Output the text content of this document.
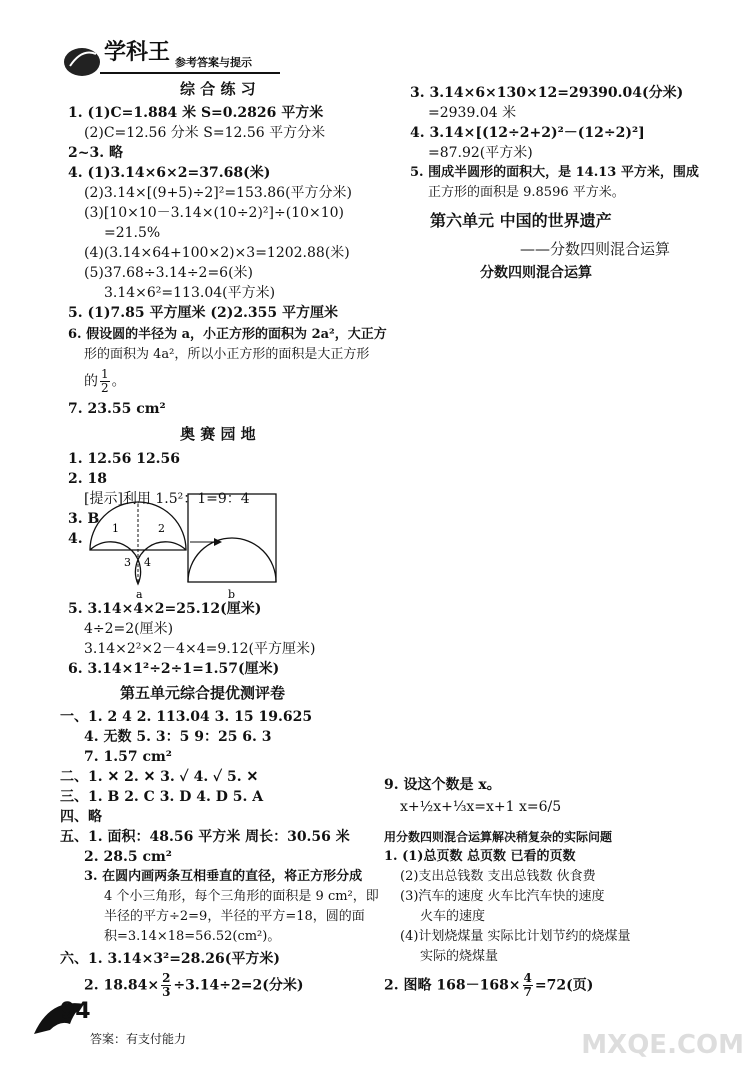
学科王 参考答案与提示
综 合 练 习
1. (1)C=1.884 米 S=0.2826 平方米
(2)C=12.56 分米 S=12.56 平方分米
2~3. 略
4. (1)3.14×6×2=37.68(米)
(2)3.14×[(9+5)÷2]²=153.86(平方分米)
(3)[10×10－3.14×(10÷2)²]÷(10×10)
=21.5%
(4)(3.14×64+100×2)×3=1202.88(米)
(5)37.68÷3.14÷2=6(米)
3.14×6²=113.04(平方米)
5. (1)7.85 平方厘米 (2)2.355 平方厘米
6. 假设圆的半径为 a，小正方形的面积为 2a²，大正方
形的面积为 4a²，所以小正方形的面积是大正方形
的 $\frac{1}{2}$ 。
7. 23.55 cm²
奥 赛 园 地
1. 12.56 12.56
2. 18
[提示]利用 1.5²：1=9：4
3. B
4.
a	b
1	2
3 4
5. 3.14×4×2=25.12(厘米)
4÷2=2(厘米)
3.14×2²×2－4×4=9.12(平方厘米)
6. 3.14×1²÷2÷1=1.57(厘米)
第五单元综合提优测评卷
一、1. 2 4 2. 113.04 3. 15 19.625
4. 无数 5. 3：5 9：25 6. 3
7. 1.57 cm²
二、1. ✕ 2. ✕ 3. ✓ 4. ✓ 5. ✕
三、1. B 2. C 3. D 4. D 5. A
四、略
五、1. 面积：48.56 平方米 周长：30.56 米
2. 28.5 cm²
3. 在圆内画两条互相垂直的直径，将正方形分成
4 个小三角形，每个三角形的面积是 9 cm²，即
半径的平方÷2=9，半径的平方=18，圆的面
积=3.14×18=56.52(cm²)。
六、1. 3.14×3²=28.26(平方米)
2. $18.84\times \frac{2}{3} \div 3.14\div 2=2$(分米)
3. 3.14×6×130×12=29390.04(分米)
=2939.04 米
4. 3.14×[(12÷2+2)²－(12÷2)²]
=87.92(平方米)
5. 围成半圆形的面积大，是 14.13 平方米，围成
正方形的面积是 9.8596 平方米。
第六单元 中国的世界遗产
——分数四则混合运算
分数四则混合运算
9. 设这个数是 x。
x+½x+⅓x=x+1 x=6/5
用分数四则混合运算解决稍复杂的实际问题
1. (1)总页数 总页数 已看的页数
(2)支出总钱数 支出总钱数 伙食费
(3)汽车的速度 火车比汽车快的速度
火车的速度
(4)计划烧煤量 实际比计划节约的烧煤量
实际的烧煤量
2. 图略 $168-168\times \frac{4}{7} =72$(页)
94
答案：有支付能力	MXQE.COM
